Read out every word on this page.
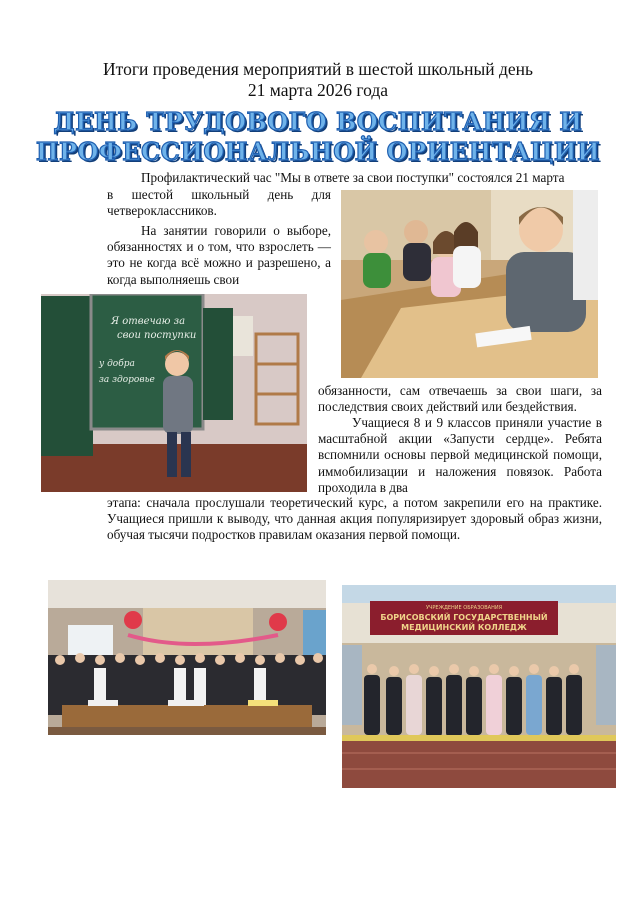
Итоги проведения мероприятий в шестой школьный день
21 марта 2026 года
ДЕНЬ ТРУДОВОГО ВОСПИТАНИЯ И
ПРОФЕССИОНАЛЬНОЙ ОРИЕНТАЦИИ
Профилактический час "Мы в ответе за свои поступки" состоялся 21 марта
в шестой школьный день для четвероклассников.
На занятии говорили о выборе, обязанностях и о том, что взрослеть — это не когда всё можно и разрешено, а когда выполняешь свои
обязанности, сам отвечаешь за свои шаги, за последствия своих действий или бездействия.
Учащиеся 8 и 9 классов приняли участие в масштабной акции «Запусти сердце». Ребята вспомнили основы первой медицинской помощи, иммобилизации и наложения повязок. Работа проходила в два
этапа: сначала прослушали теоретический курс, а потом закрепили его на практике. Учащиеся пришли к выводу, что данная акция популяризирует здоровый образ жизни, обучая тысячи подростков правилам оказания первой помощи.
Я отвечаю за
свои поступки
у добра
за здоровье
УЧРЕЖДЕНИЕ ОБРАЗОВАНИЯ
БОРИСОВСКИЙ ГОСУДАРСТВЕННЫЙ
МЕДИЦИНСКИЙ КОЛЛЕДЖ
